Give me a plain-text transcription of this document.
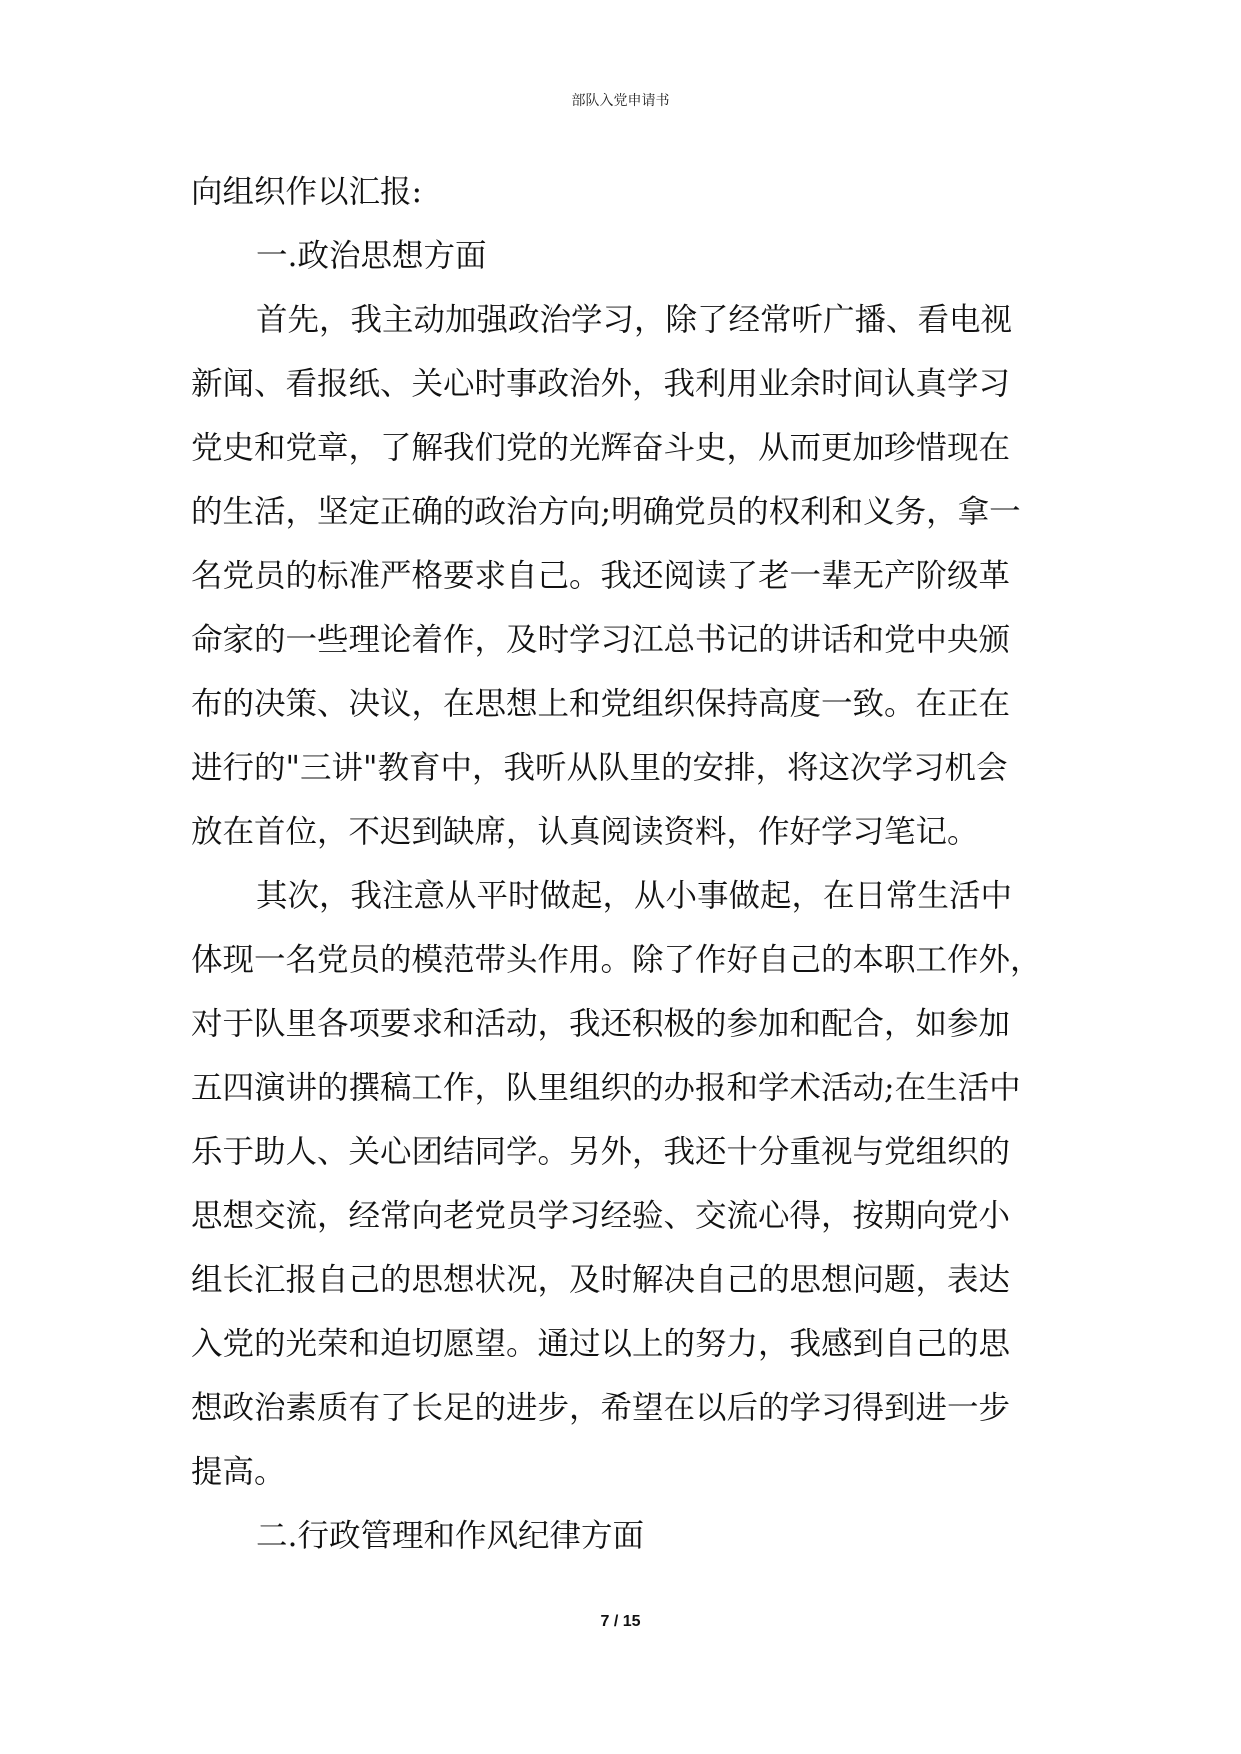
部队入党申请书
向组织作以汇报:
一.政治思想方面
首先，我主动加强政治学习，除了经常听广播、看电视
新闻、看报纸、关心时事政治外，我利用业余时间认真学习
党史和党章，了解我们党的光辉奋斗史，从而更加珍惜现在
的生活，坚定正确的政治方向;明确党员的权利和义务，拿一
名党员的标准严格要求自己。我还阅读了老一辈无产阶级革
命家的一些理论着作，及时学习江总书记的讲话和党中央颁
布的决策、决议，在思想上和党组织保持高度一致。在正在
进行的"三讲"教育中，我听从队里的安排，将这次学习机会
放在首位，不迟到缺席，认真阅读资料，作好学习笔记。
其次，我注意从平时做起，从小事做起，在日常生活中
体现一名党员的模范带头作用。除了作好自己的本职工作外，
对于队里各项要求和活动，我还积极的参加和配合，如参加
五四演讲的撰稿工作，队里组织的办报和学术活动;在生活中
乐于助人、关心团结同学。另外，我还十分重视与党组织的
思想交流，经常向老党员学习经验、交流心得，按期向党小
组长汇报自己的思想状况，及时解决自己的思想问题，表达
入党的光荣和迫切愿望。通过以上的努力，我感到自己的思
想政治素质有了长足的进步，希望在以后的学习得到进一步
提高。
二.行政管理和作风纪律方面
7 / 15
